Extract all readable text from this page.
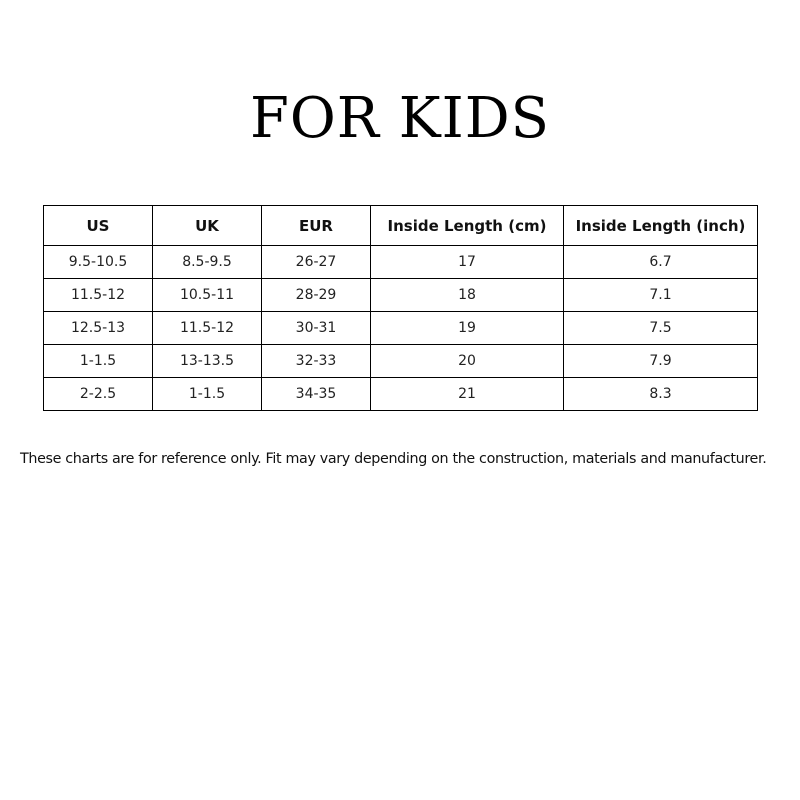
FOR KIDS
US	UK	EUR	Inside Length (cm)	Inside Length (inch)
9.5-10.5	8.5-9.5	26-27	17	6.7
11.5-12	10.5-11	28-29	18	7.1
12.5-13	11.5-12	30-31	19	7.5
1-1.5	13-13.5	32-33	20	7.9
2-2.5	1-1.5	34-35	21	8.3

These charts are for reference only. Fit may vary depending on the construction, materials and manufacturer.
